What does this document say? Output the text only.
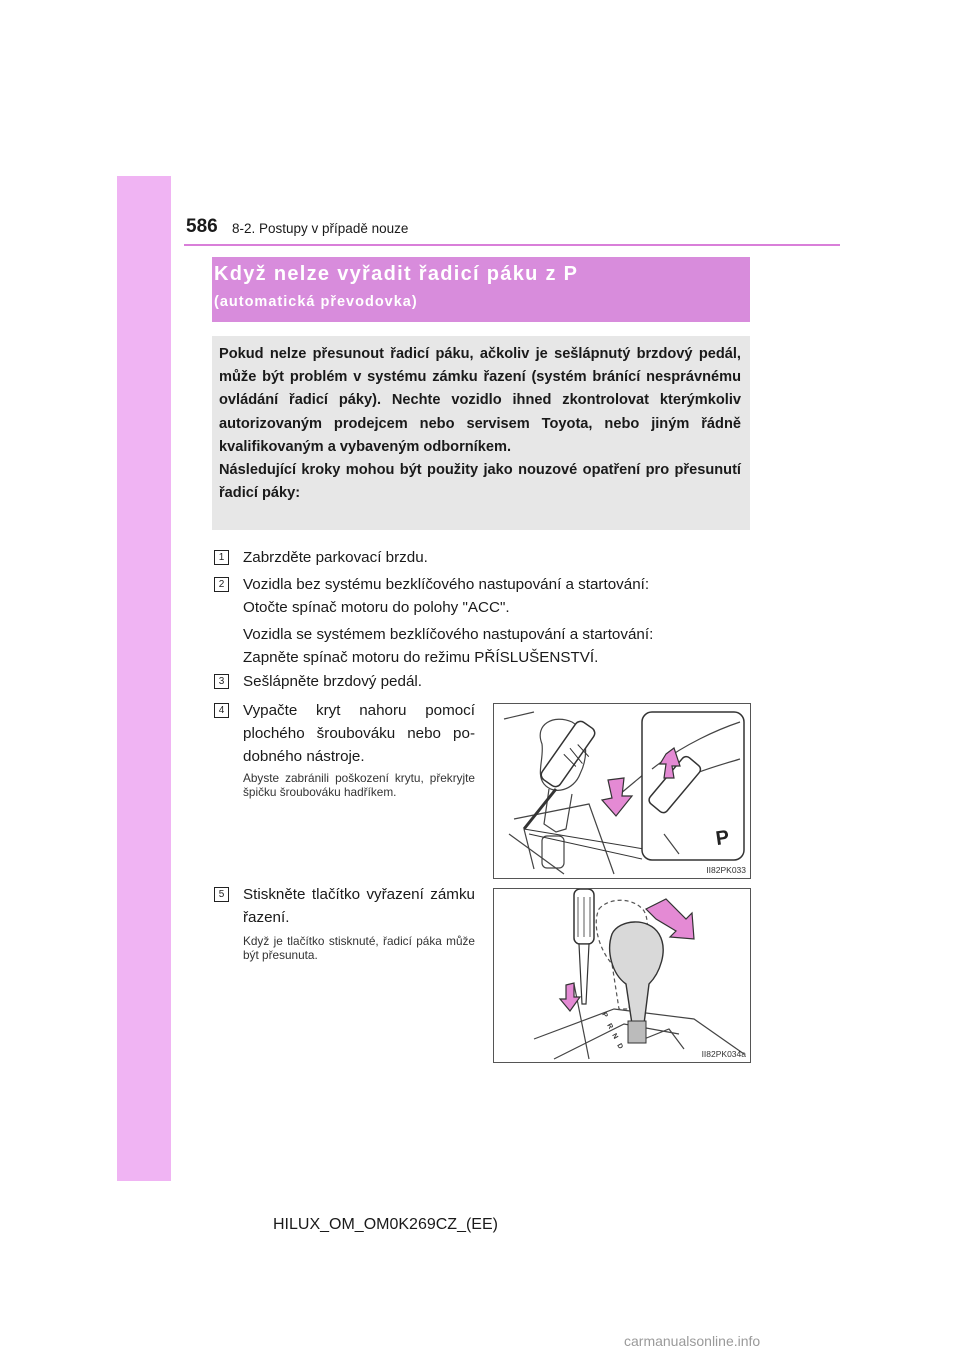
586 8-2. Postupy v případě nouze
Když nelze vyřadit řadicí páku z P
(automatická převodovka)

Pokud nelze přesunout řadicí páku, ačkoliv je sešlápnutý brzdový pedál, může být problém v systému zámku řazení (systém bránící nesprávnému ovládání řadicí páky). Nechte vozidlo ihned zkontrolovat kterýmkoliv autorizovaným prodejcem nebo servisem Toyota, nebo jiným řádně kvalifikovaným a vybaveným odborníkem.

Následující kroky mohou být použity jako nouzové opatření pro přesunutí řadicí páky:

1	Zabrzděte parkovací brzdu.
2	Vozidla bez systému bezklíčového nastupování a startování:
Otočte spínač motoru do polohy "ACC".
Vozidla se systémem bezklíčového nastupování a startování:
Zapněte spínač motoru do režimu PŘÍSLUŠENSTVÍ.
3	Sešlápněte brzdový pedál.
4	Vypačte kryt nahoru pomocí plochého šroubováku nebo podobného nástroje.
Abyste zabránili poškození krytu, překryjte špičku šroubováku hadříkem.
P
II82PK033
5	Stiskněte tlačítko vyřazení zámku řazení.
Když je tlačítko stisknuté, řadicí páka může být přesunuta.
P
R
N
D
II82PK034a
HILUX_OM_OM0K269CZ_(EE)
carmanualsonline.info
